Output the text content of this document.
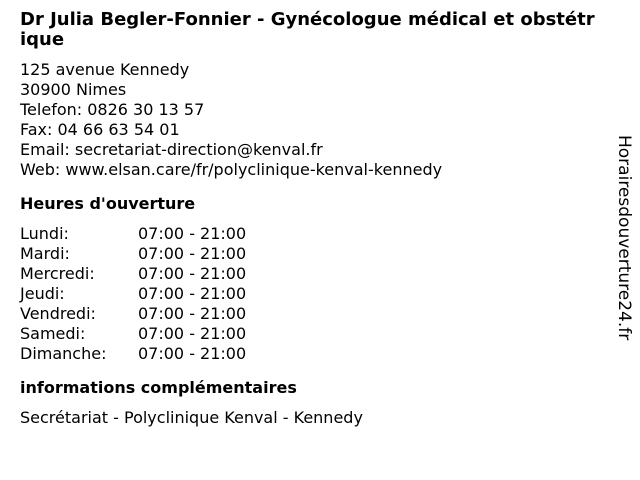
Dr Julia Begler-Fonnier - Gynécologue médical et obstétrique
125 avenue Kennedy
30900 Nimes
Telefon: 0826 30 13 57
Fax: 04 66 63 54 01
Email: secretariat-direction@kenval.fr
Web: www.elsan.care/fr/polyclinique-kenval-kennedy
Heures d'ouverture
Lundi:	07:00 - 21:00
Mardi:	07:00 - 21:00
Mercredi:	07:00 - 21:00
Jeudi:	07:00 - 21:00
Vendredi:	07:00 - 21:00
Samedi:	07:00 - 21:00
Dimanche:	07:00 - 21:00
informations complémentaires
Secrétariat - Polyclinique Kenval - Kennedy
Horairesdouverture24.fr
